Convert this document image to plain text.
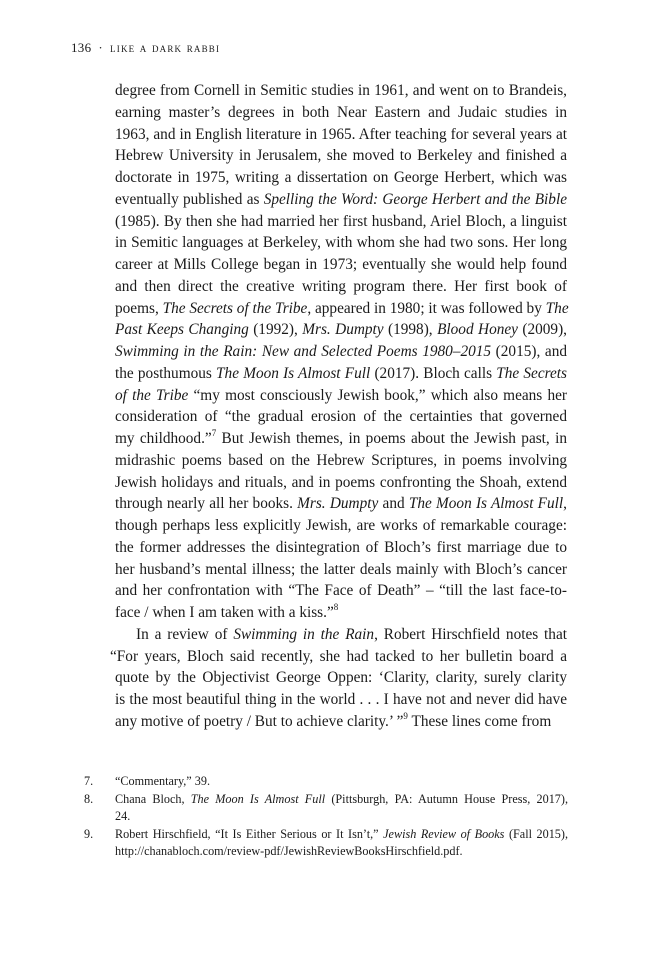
136 · like a dark rabbi
degree from Cornell in Semitic studies in 1961, and went on to Brandeis,
earning master’s degrees in both Near Eastern and Judaic studies in
1963, and in English literature in 1965. After teaching for several years at
Hebrew University in Jerusalem, she moved to Berkeley and finished a
doctorate in 1975, writing a dissertation on George Herbert, which was
eventually published as Spelling the Word: George Herbert and the Bible
(1985). By then she had married her first husband, Ariel Bloch, a linguist
in Semitic languages at Berkeley, with whom she had two sons. Her long
career at Mills College began in 1973; eventually she would help found
and then direct the creative writing program there. Her first book of
poems, The Secrets of the Tribe, appeared in 1980; it was followed by The
Past Keeps Changing (1992), Mrs. Dumpty (1998), Blood Honey (2009),
Swimming in the Rain: New and Selected Poems 1980–2015 (2015), and
the posthumous The Moon Is Almost Full (2017). Bloch calls The Secrets
of the Tribe “my most consciously Jewish book,” which also means her
consideration of “the gradual erosion of the certainties that governed
my childhood.”$^7$ But Jewish themes, in poems about the Jewish past, in
midrashic poems based on the Hebrew Scriptures, in poems involving
Jewish holidays and rituals, and in poems confronting the Shoah, extend
through nearly all her books. Mrs. Dumpty and The Moon Is Almost Full,
though perhaps less explicitly Jewish, are works of remarkable courage:
the former addresses the disintegration of Bloch’s first marriage due to
her husband’s mental illness; the latter deals mainly with Bloch’s cancer
and her confrontation with “The Face of Death” – “till the last face-to-
face / when I am taken with a kiss.”$^8$
In a review of Swimming in the Rain, Robert Hirschfield notes that
“For years, Bloch said recently, she had tacked to her bulletin board a
quote by the Objectivist George Oppen: ‘Clarity, clarity, surely clarity
is the most beautiful thing in the world . . . I have not and never did have
any motive of poetry / But to achieve clarity.’ ”$^9$ These lines come from
7.	“Commentary,” 39.
8.	Chana Bloch, The Moon Is Almost Full (Pittsburgh, PA: Autumn House Press, 2017),
24.
9.	Robert Hirschfield, “It Is Either Serious or It Isn’t,” Jewish Review of Books (Fall 2015),
http://chanabloch.com/review-pdf/JewishReviewBooksHirschfield.pdf.
